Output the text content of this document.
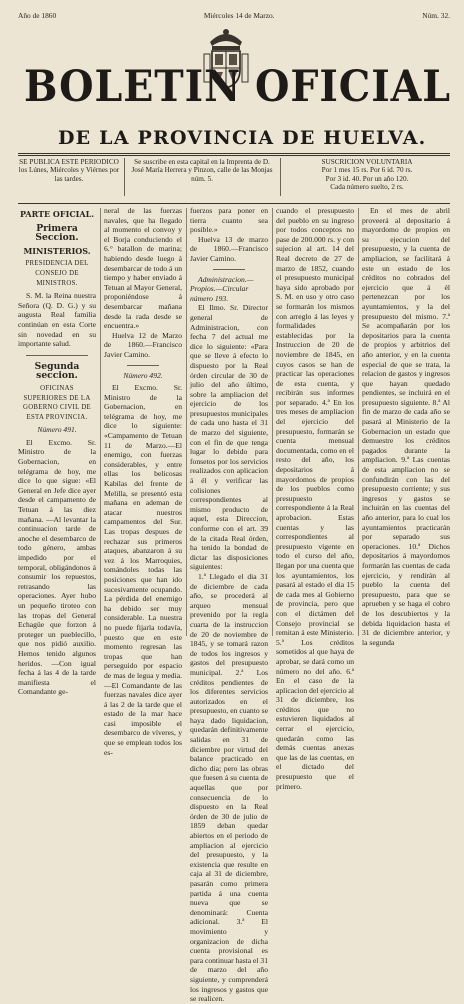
Año de 1860	Miércoles 14 de Marzo.	Núm. 32.
BOLETIN OFICIAL
DE LA PROVINCIA DE HUELVA.
SE PUBLICA ESTE PERIODICO los Lúnes, Miércoles y Viérnes por las tardes.
Se suscribe en esta capital en la Imprenta de D. José María Herrera y Pinzon, calle de las Monjas núm. 5.
SUSCRICION VOLUNTARIA
Por 1 mes 15 rs. Por 6 id. 70 rs.
Por 3 id. 40. Por un año 120.
Cada número suelto, 2 rs.
PARTE OFICIAL.
Primera Seccion.
MINISTERIOS.
PRESIDENCIA DEL CONSEJO DE MINISTROS.

S. M. la Reina nuestra Señora (Q. D. G.) y su augusta Real familia continúan en esta Corte sin novedad en su importante salud.

Segunda seccion.
OFICINAS SUPERIORES DE LA GOBERNO CIVIL DE ESTA PROVINCIA.
Número 491.

El Excmo. Sr. Ministro de la Gobernacion, en telégrama de hoy, me dice lo que sigue: «El General en Jefe dice ayer desde el campamento de Tetuan á las diez mañana. —Al levantar la continuacion tarde de anoche el desembarco de todo género, ambas impedido por el temporal, obligándonos á consumir los repuestos, retrasando las operaciones. Ayer hubo un pequeño tiroteo con las tropas del General Echagüe que forzon á proteger un pueblecillo, que nos pidió auxilio. Hemos tenido algunos heridos. —Con igual fecha á las 4 de la tarde manifiesta el Comandante ge-

neral de las fuerzas navales, que ha llegado al momento el convoy y el Borja conduciendo el 6.° batallon de marina; habiendo desde luego á desembarcar de todo á un tiempo y haber enviado á Tetuan al Mayor General, proponiéndose á desembarcar mañana desde la rada desde se encuentra.»

Huelva 12 de Marzo de 1860.—Francisco Javier Camino.

Número 492.

El Excmo. Sr. Ministro de la Gobernacion, en telégrama de hoy, me dice lo siguiente: «Campamento de Tetuan 11 de Marzo.—El enemigo, con fuerzas considerables, y entre ellas los belicosas Kabilas del frente de Melilla, se presentó esta mañana en ademan de atacar nuestros campamentos del Sur. Las tropas despues de rechazar sus primeros ataques, abanzaron á su vez á los Marroquies, tomándoles todas las posiciones que han ido sucesivamente ocupando. La pérdida del enemigo ha debido ser muy considerable. La nuestra no puede fijarla todavía, puesto que en este momento regresan las tropas que han perseguido por espacio de mas de legua y media. —El Comandante de las fuerzas navales dice ayer á las 2 de la tarde que el estado de la mar hace casi imposible el desembarco de víveres, y que se emplean todos los es-

fuerzos para poner en tierra cuanto sea posible.»

Huelva 13 de marzo de 1860.—Francisco Javier Camino.

Administracion.—Propios.—Circular número 193.

El Ilmo. Sr. Director general de Administracion, con fecha 7 del actual me dice lo siguiente: «Para que se lleve á efecto lo dispuesto por la Real órden circular de 30 de julio del año último, sobre la ampliacion del ejercicio de los presupuestos municipales de cada uno hasta el 31 de marzo del siguiente, con el fin de que tenga lugar lo debido para fonsetos por los servicios realizados con aplicacion á él y verificar las colisiones correspondientes al mismo producto de aquel, esta Direccion, conforme con el art. 39 de la citada Real órden, ha tenido la bondad de dictar las disposiciones siguientes:

1.ª Llegado el dia 31 de diciembre de cada año, se procederá al arqueo mensual prevenido por la regla cuarta de la instruccion de 20 de noviembre de 1845, y se tomará razon de todos los ingresos y gastos del presupuesto municipal. 2.ª Los créditos pendientes de los diferentes servicios autorizados en el presupuesto, en cuanto se haya dado liquidacion, quedarán definitivamente salidas en 31 de diciembre por virtud del balance practicado en dicho dia; pero las obras que fuesen á su cuenta de aquellas que por consecuencia de lo dispuesto en la Real órden de 30 de julio de 1859 deban quedar abiertos en el periodo de ampliacion al ejercicio del presupuesto, y la existencia que resulte en caja al 31 de diciembre, pasarán como primera partida á una cuenta nueva que se denominará: Cuenta adicional. 3.ª El movimiento y organizacion de dicha cuenta provisional es para continuar hasta el 31 de marzo del año siguiente, y comprenderá los ingresos y gastos que se realicen.

cuando el presupuesto del pueblo en su ingreso por todos conceptos no pase de 200.000 rs. y con sujecion al art. 14 del Real decreto de 27 de marzo de 1852, cuando el presupuesto municipal haya sido aprobado por S. M. en uso y otro caso se formarán los mismos con arreglo á las leyes y formalidades establecidas por la Instruccion de 20 de noviembre de 1845, en cuyos casos se han de practicar las operaciones de esta cuenta, y recibirán sus informes por separado. 4.ª En los tres meses de ampliacion del ejercicio del presupuesto, formarán se cuenta mensual documentada, como en el resto del año, los depositarios á mayordomos de propios de los pueblos como presupuesto correspondiente á la Real aprobacion. Estas cuentas y las correspondientes al presupuesto vigente en todo el curso del año, llegan por una cuenta que los ayuntamientos, los pasará al estado el dia 15 de cada mes al Gobierno de provincia, pero que con el dictámen del Consejo provincial se remitan á este Ministerio. 5.ª Los créditos sometidos al que haya de aprobar, se dará como un número no del año. 6.ª En el caso de la aplicacion del ejercicio al 31 de diciembre, los créditos que no estuvieren liquidados al cerrar el ejercicio, quedarán como las demás cuentas anexas que las de las cuentas, en el dictado del presupuesto que el primero.

En el mes de abril proveerá al depositario á mayordomo de propios en su ejecucion del presupuesto, y la cuenta de ampliacion, se facilitará á este un estado de los créditos no cobrados del ejercicio que á él pertenezcan por los ayuntamientos, y la del presupuesto del mismo. 7.ª Se acompañarán por los depositarios para la cuenta de propios y arbitrios del año anterior, y en la cuenta especial de que se trata, la relacion de gastos y ingresos que hayan quedado pendientes, se incluirá en el presupuesto siguiente. 8.ª Al fin de marzo de cada año se pasará al Ministerio de la Gobernacion un estado que demuestre los créditos pagados durante la ampliacion. 9.ª Las cuentas de esta ampliacion no se confundirán con las del presupuesto corriente; y sus ingresos y gastos se incluirán en las cuentas del año anterior, para lo cual los ayuntamientos practicarán por separado sus operaciones. 10.ª Dichos depositarios á mayordomos formarán las cuentas de cada ejercicio, y rendirán al pueblo la cuenta del presupuesto, para que se aprueben y se haga el cobro de los descubiertos y la debida liquidacion hasta el 31 de diciembre anterior, y la segunda
